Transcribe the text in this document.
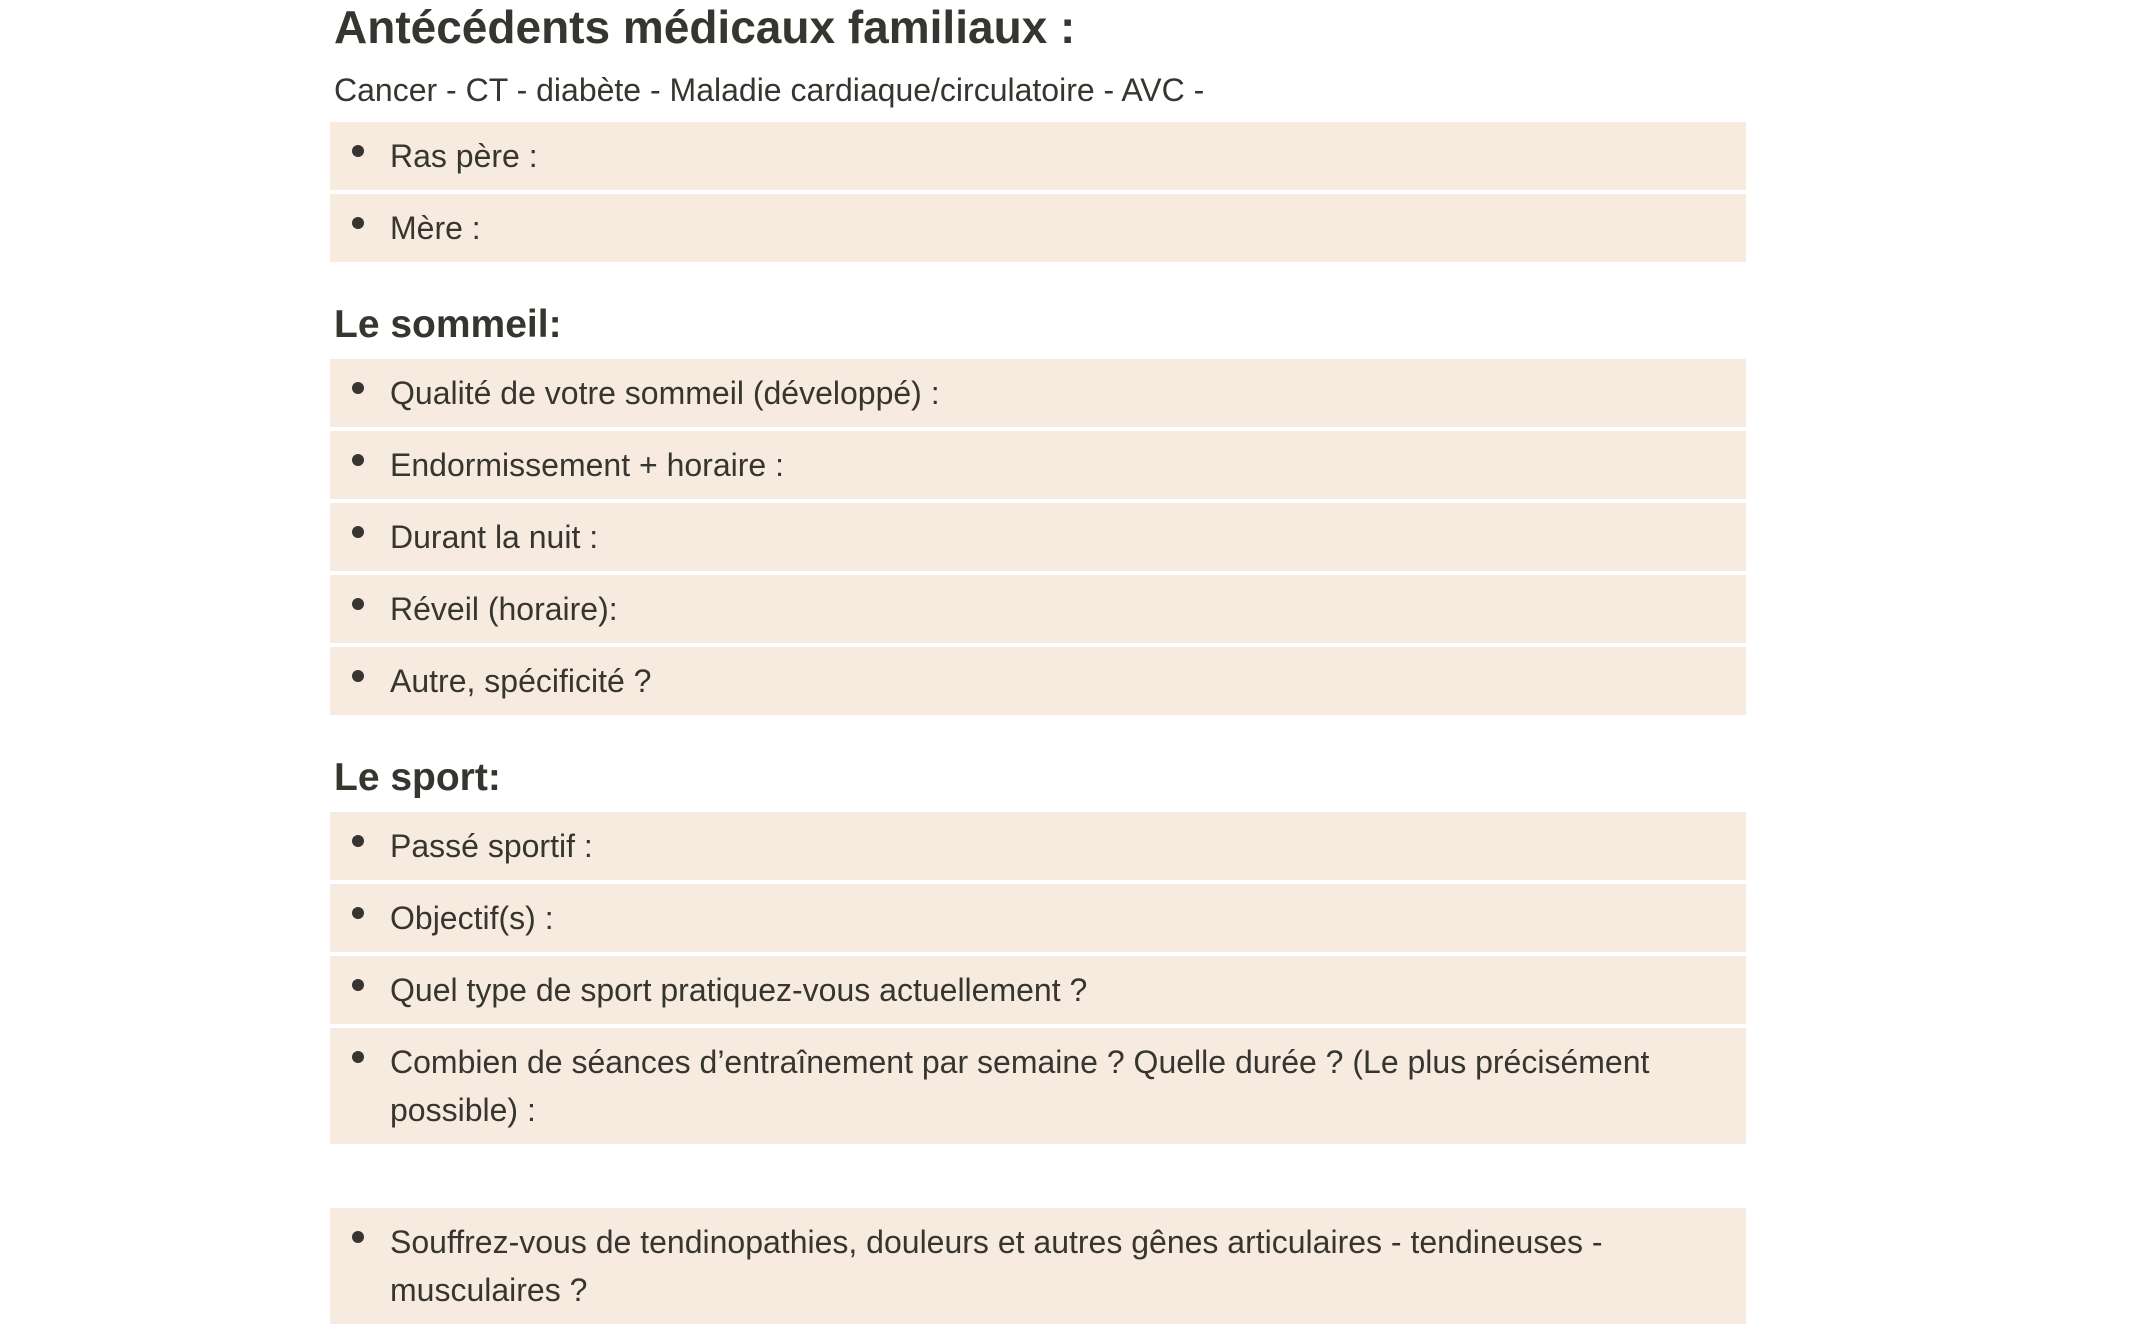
Antécédents médicaux familiaux :
Cancer - CT - diabète - Maladie cardiaque/circulatoire - AVC -
Ras père :
Mère :
Le sommeil:
Qualité de votre sommeil (développé) :
Endormissement + horaire :
Durant la nuit :
Réveil (horaire):
Autre, spécificité ?
Le sport:
Passé sportif :
Objectif(s) :
Quel type de sport pratiquez-vous actuellement ?
Combien de séances d’entraînement par semaine ? Quelle durée ? (Le plus précisément possible) :
Souffrez-vous de tendinopathies, douleurs et autres gênes articulaires - tendineuses - musculaires ?
